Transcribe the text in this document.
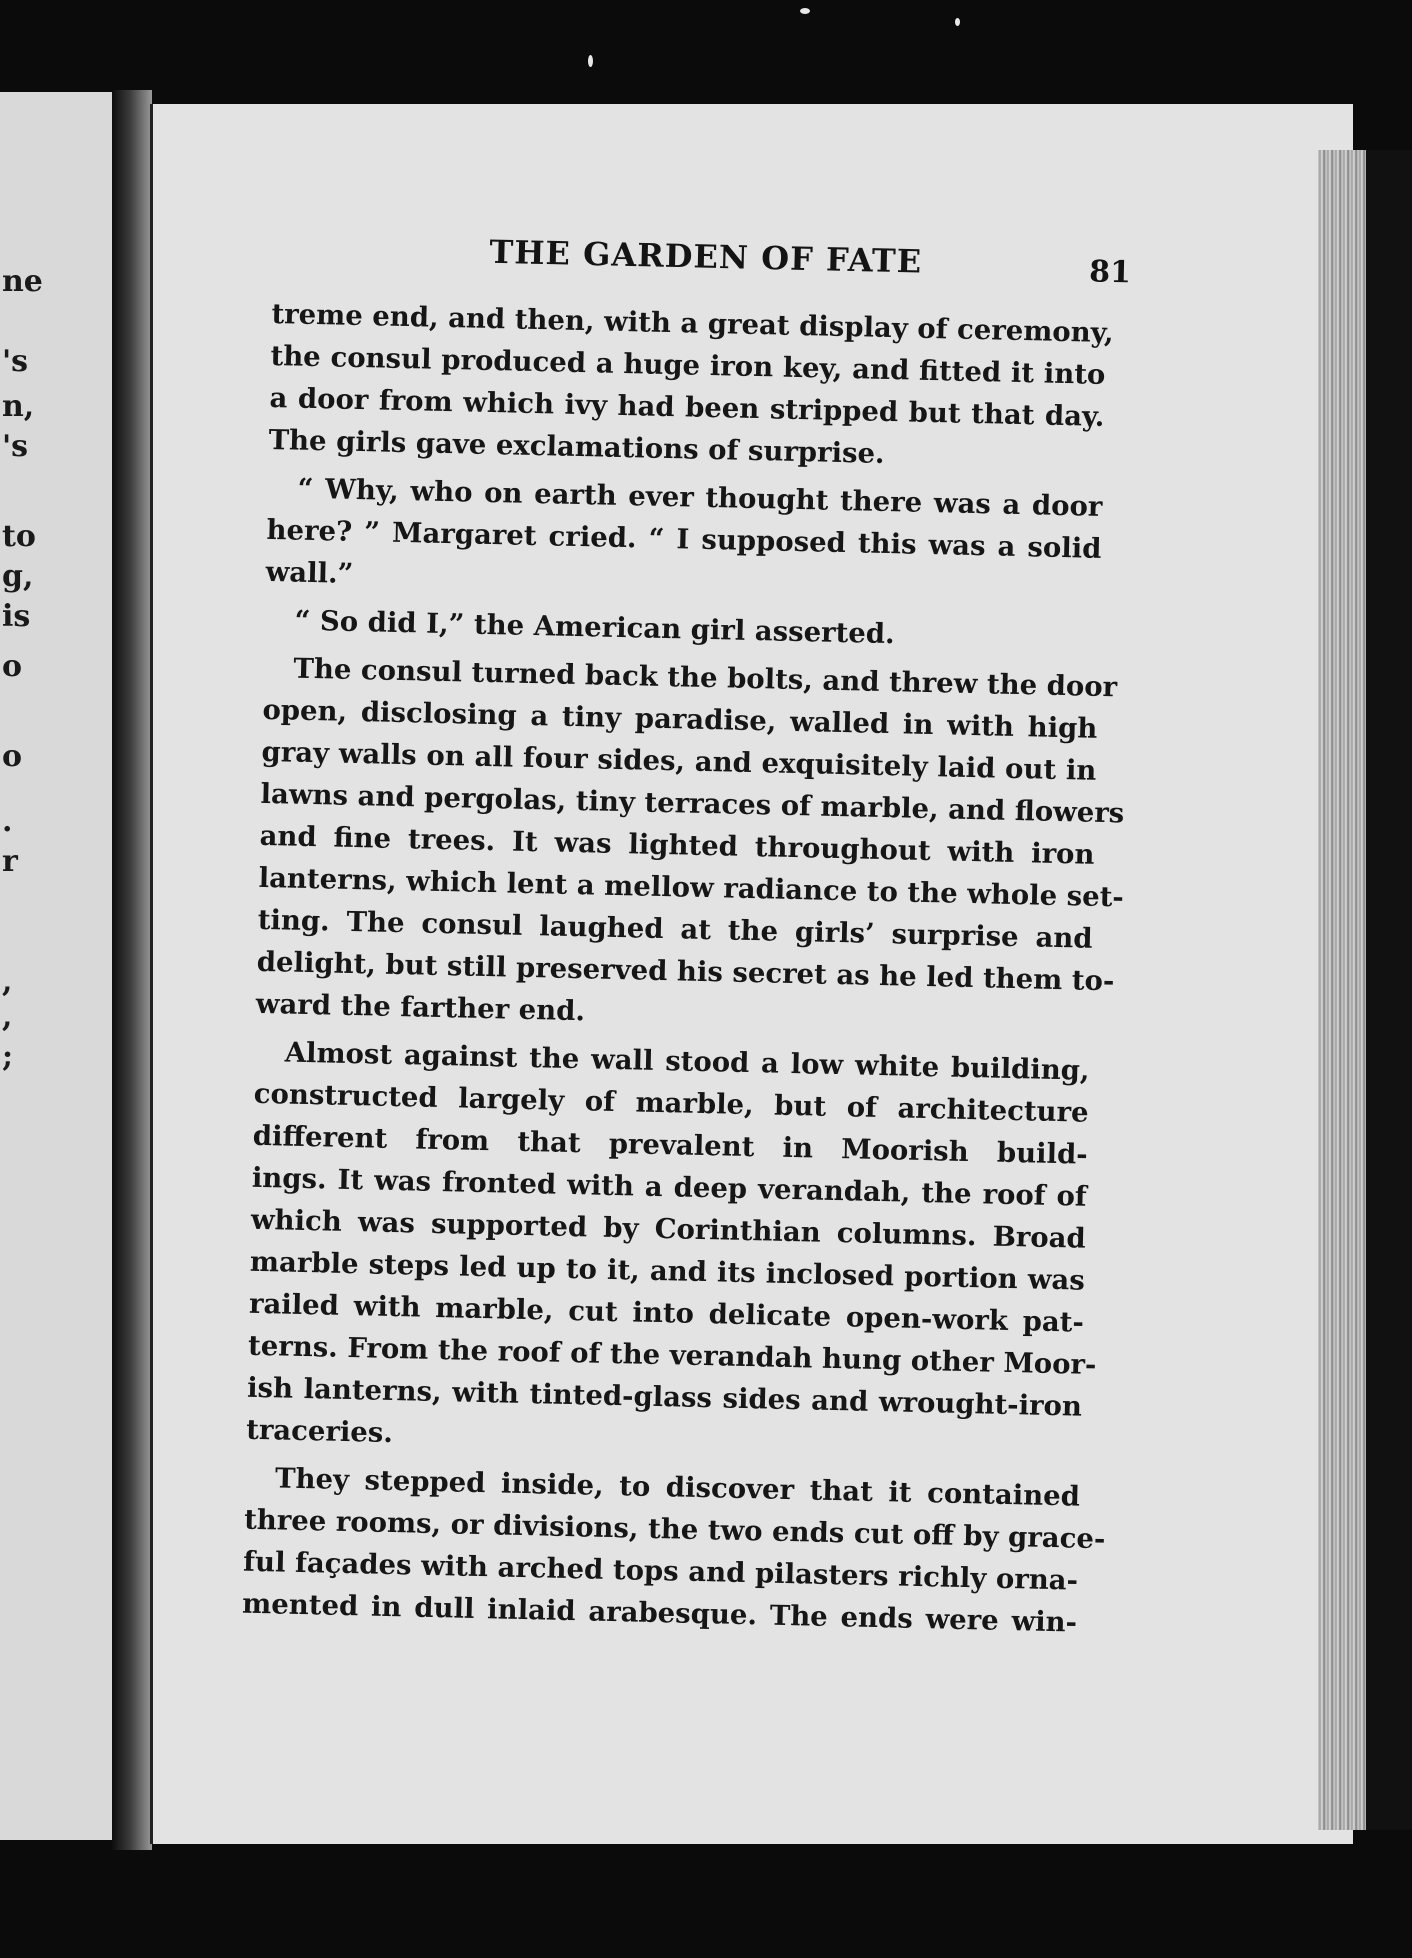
ne
's
n,
's
to
g,
is
o
o
.
r
,
,
;
THE GARDEN OF FATE	81
treme end, and then, with a great display of ceremony,
the consul produced a huge iron key, and fitted it into
a door from which ivy had been stripped but that day.
The girls gave exclamations of surprise.
“ Why, who on earth ever thought there was a door
here? ” Margaret cried. “ I supposed this was a solid
wall.”
“ So did I,” the American girl asserted.
The consul turned back the bolts, and threw the door
open, disclosing a tiny paradise, walled in with high
gray walls on all four sides, and exquisitely laid out in
lawns and pergolas, tiny terraces of marble, and flowers
and fine trees. It was lighted throughout with iron
lanterns, which lent a mellow radiance to the whole set-
ting. The consul laughed at the girls’ surprise and
delight, but still preserved his secret as he led them to-
ward the farther end.
Almost against the wall stood a low white building,
constructed largely of marble, but of architecture
different from that prevalent in Moorish build-
ings. It was fronted with a deep verandah, the roof of
which was supported by Corinthian columns. Broad
marble steps led up to it, and its inclosed portion was
railed with marble, cut into delicate open-work pat-
terns. From the roof of the verandah hung other Moor-
ish lanterns, with tinted-glass sides and wrought-iron
traceries.
They stepped inside, to discover that it contained
three rooms, or divisions, the two ends cut off by grace-
ful façades with arched tops and pilasters richly orna-
mented in dull inlaid arabesque. The ends were win-
